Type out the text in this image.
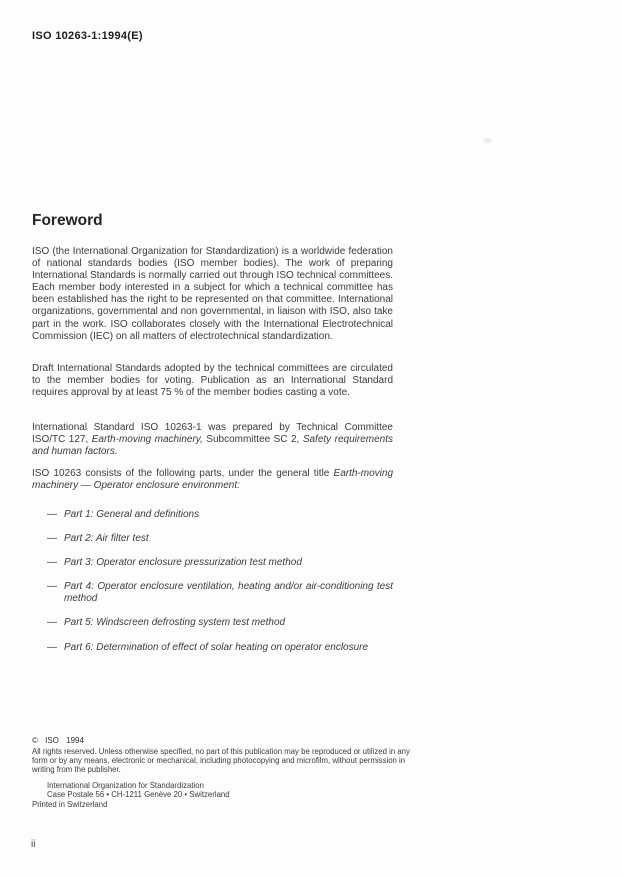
ISO 10263-1:1994(E)
Foreword

ISO (the International Organization for Standardization) is a worldwide federation of national standards bodies (ISO member bodies). The work of preparing International Standards is normally carried out through ISO technical committees. Each member body interested in a subject for which a technical committee has been established has the right to be represented on that committee. International organizations, governmental and non governmental, in liaison with ISO, also take part in the work. ISO collaborates closely with the International Electrotechnical Commission (IEC) on all matters of electrotechnical standardization.

Draft International Standards adopted by the technical committees are circulated to the member bodies for voting. Publication as an International Standard requires approval by at least 75 % of the member bodies casting a vote.

International Standard ISO 10263-1 was prepared by Technical Committee ISO/TC 127, Earth-moving machinery, Subcommittee SC 2, Safety requirements and human factors.

ISO 10263 consists of the following parts, under the general title Earth-moving machinery — Operator enclosure environment:

— Part 1: General and definitions
— Part 2: Air filter test
— Part 3: Operator enclosure pressurization test method
— Part 4: Operator enclosure ventilation, heating and/or air-conditioning test method
— Part 5: Windscreen defrosting system test method
— Part 6: Determination of effect of solar heating on operator enclosure
© ISO 1994
All rights reserved. Unless otherwise specified, no part of this publication may be reproduced or utilized in any form or by any means, electronic or mechanical, including photocopying and microfilm, without permission in writing from the publisher.
International Organization for Standardization
Case Postale 56 • CH-1211 Genève 20 • Switzerland
Printed in Switzerland
ii
